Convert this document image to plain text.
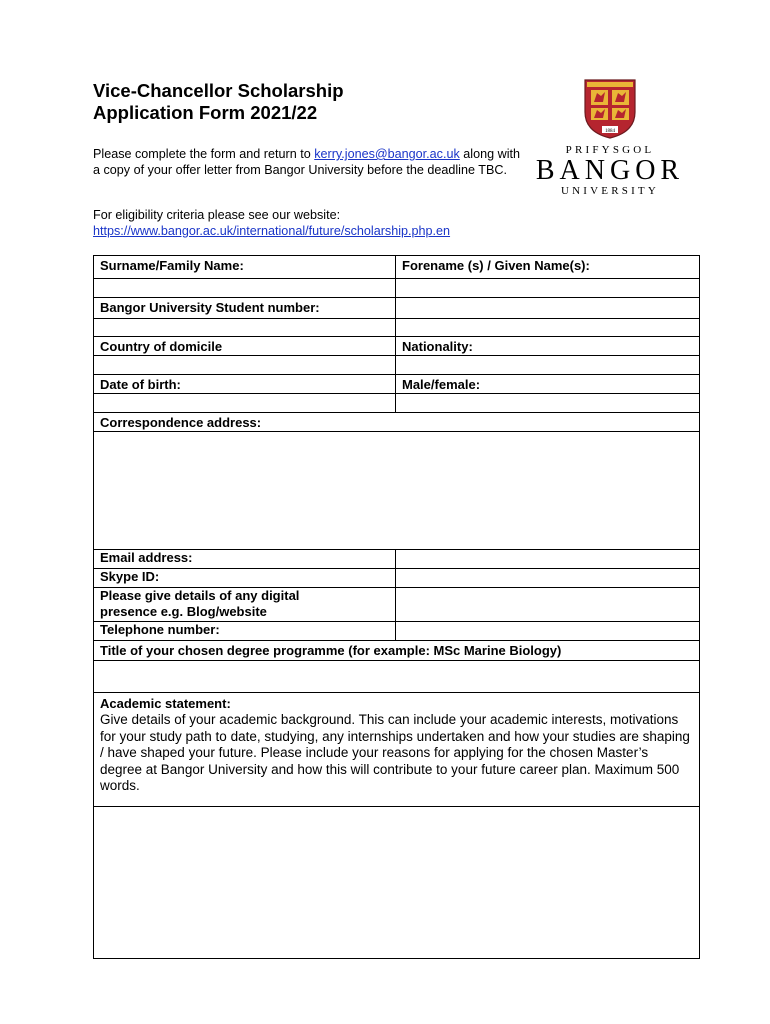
Vice-Chancellor Scholarship
Application Form 2021/22
Please complete the form and return to kerry.jones@bangor.ac.uk along with a copy of your offer letter from Bangor University before the deadline TBC.
For eligibility criteria please see our website:
https://www.bangor.ac.uk/international/future/scholarship.php.en
1884
PRIFYSGOL
BANGOR
UNIVERSITY
Surname/Family Name:	Forename (s) / Given Name(s):

Bangor University Student number:	

Country of domicile	Nationality:

Date of birth:	Male/female:

Correspondence address:	

Email address:	
Skype ID:	

Please give details of any digital
presence e.g. Blog/website	

Telephone number:	
Title of your chosen degree programme (for example: MSc Marine Biology)	

Academic statement:
Give details of your academic background. This can include your academic interests, motivations for your study path to date, studying, any internships undertaken and how your studies are shaping / have shaped your future. Please include your reasons for applying for the chosen Master’s degree at Bangor University and how this will contribute to your future career plan. Maximum 500 words.	
